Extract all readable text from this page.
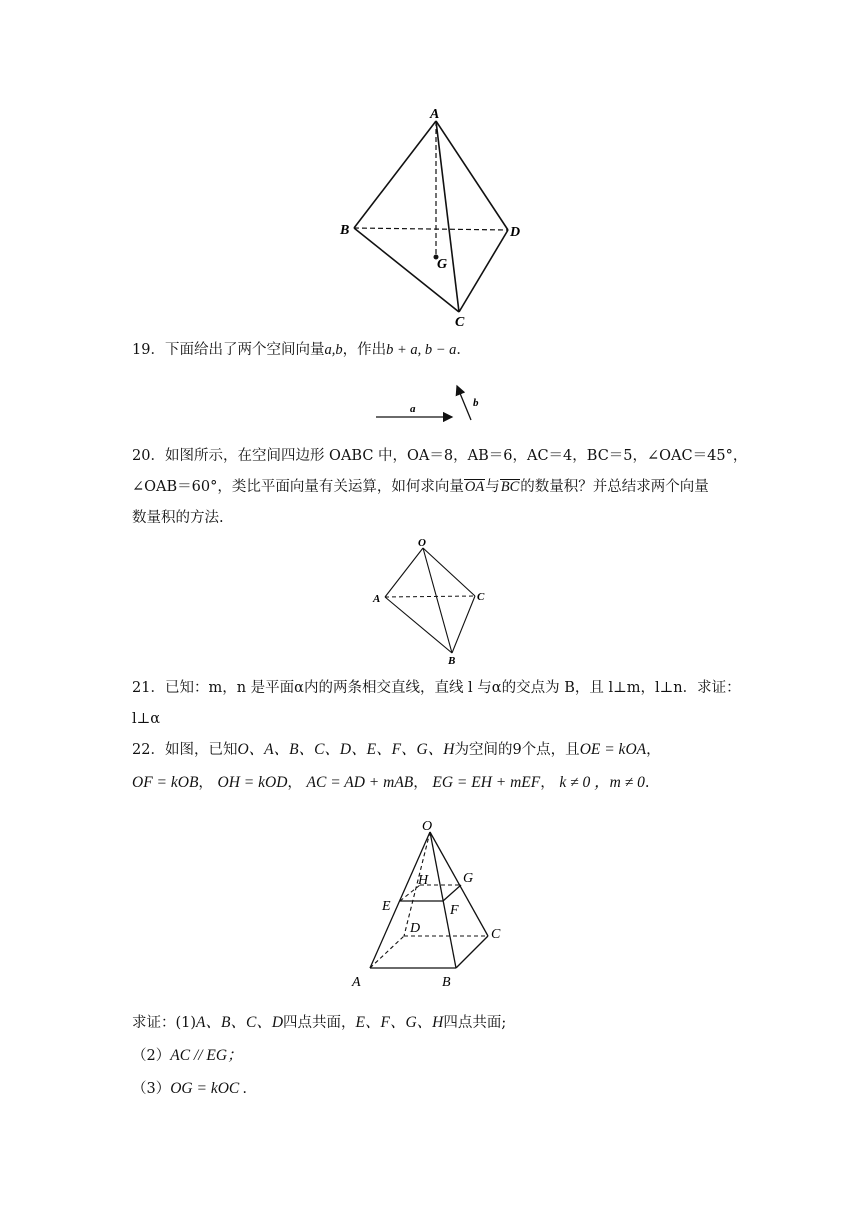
A
B	D
G
C
19．下面给出了两个空间向量a,b，作出b + a, b − a．
a	b
20．如图所示，在空间四边形 OABC 中，OA＝8，AB＝6，AC＝4，BC＝5，∠OAC＝45°，
∠OAB＝60°，类比平面向量有关运算，如何求向量OA与BC的数量积？并总结求两个向量
数量积的方法.
O
A	C
B
21．已知：m，n 是平面α内的两条相交直线，直线 l 与α的交点为 B，且 l⊥m，l⊥n．求证：
l⊥α
22．如图，已知O、A、B、C、D、E、F、G、H为空间的9个点，且OE = kOA，
OF = kOB， OH = kOD， AC = AD + mAB， EG = EH + mEF， k ≠ 0 ，m ≠ 0.
O
H G
E	F
D	C
A	B
求证：(1)A、B、C、D四点共面，E、F、G、H四点共面;
（2）AC // EG；
（3）OG = kOC .
